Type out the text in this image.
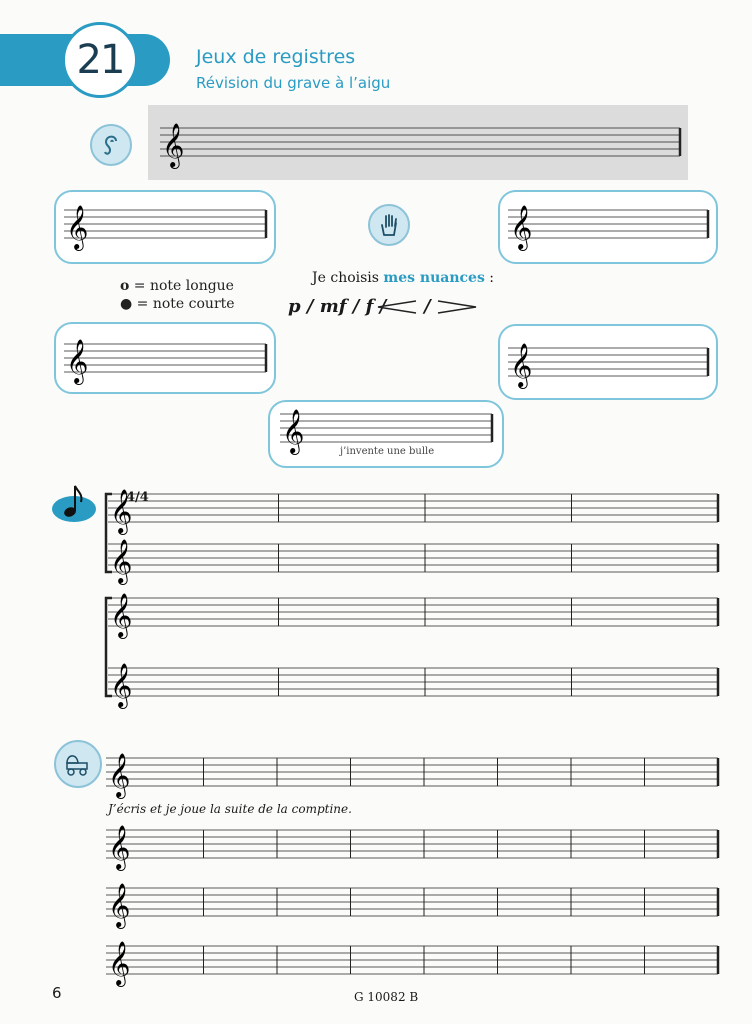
21	Jeux de registres
Révision du grave à l’aigu
𝄞
j’invente une bulle
𝄞	𝄞
𝄞	𝄞
𝄞
o = note longue
● = note courte
Je choisis mes nuances :
p / mf / f / /
𝄞
𝄞
𝄞
𝄞
4/4
J’écris et je joue la suite de la comptine.
𝄞
𝄞
𝄞
𝄞
6	G 10082 B
